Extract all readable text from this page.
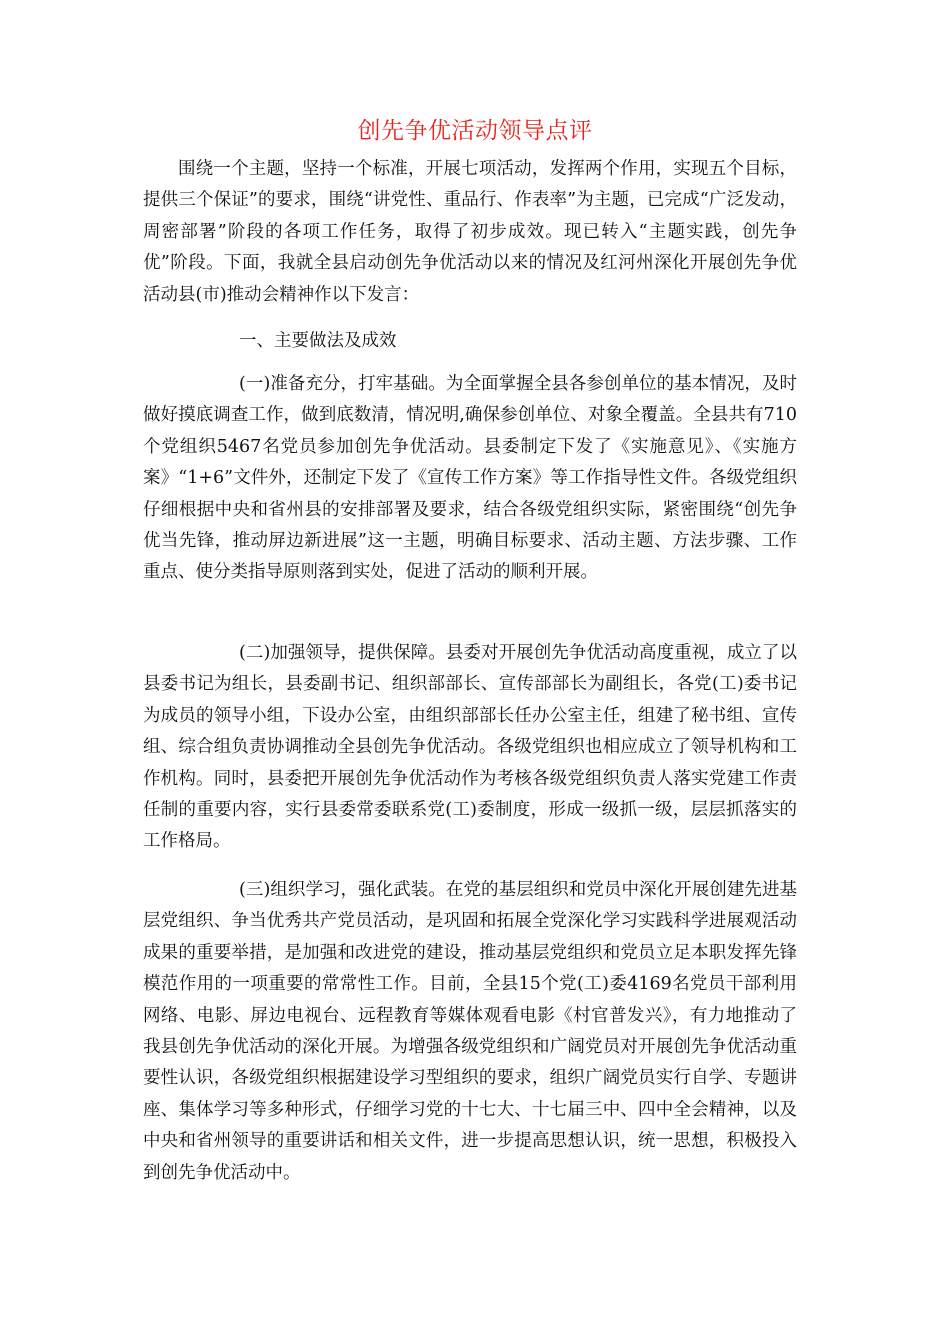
创先争优活动领导点评

围绕一个主题，坚持一个标准，开展七项活动，发挥两个作用，实现五个目标，提供三个保证”的要求，围绕“讲党性、重品行、作表率”为主题，已完成“广泛发动，周密部署”阶段的各项工作任务，取得了初步成效。现已转入“主题实践，创先争优”阶段。下面，我就全县启动创先争优活动以来的情况及红河州深化开展创先争优活动县(市)推动会精神作以下发言：

一、主要做法及成效

(一)准备充分，打牢基础。为全面掌握全县各参创单位的基本情况，及时做好摸底调查工作，做到底数清，情况明,确保参创单位、对象全覆盖。全县共有710 个党组织5467名党员参加创先争优活动。县委制定下发了《实施意见》、《实施方案》“1+6”文件外，还制定下发了《宣传工作方案》等工作指导性文件。各级党组织仔细根据中央和省州县的安排部署及要求，结合各级党组织实际，紧密围绕“创先争优当先锋，推动屏边新进展”这一主题，明确目标要求、活动主题、方法步骤、工作重点、使分类指导原则落到实处，促进了活动的顺利开展。

(二)加强领导，提供保障。县委对开展创先争优活动高度重视，成立了以县委书记为组长，县委副书记、组织部部长、宣传部部长为副组长，各党(工)委书记为成员的领导小组，下设办公室，由组织部部长任办公室主任，组建了秘书组、宣传组、综合组负责协调推动全县创先争优活动。各级党组织也相应成立了领导机构和工作机构。同时，县委把开展创先争优活动作为考核各级党组织负责人落实党建工作责任制的重要内容，实行县委常委联系党(工)委制度，形成一级抓一级，层层抓落实的工作格局。

(三)组织学习，强化武装。在党的基层组织和党员中深化开展创建先进基层党组织、争当优秀共产党员活动，是巩固和拓展全党深化学习实践科学进展观活动成果的重要举措，是加强和改进党的建设，推动基层党组织和党员立足本职发挥先锋模范作用的一项重要的常常性工作。目前，全县15个党(工)委4169名党员干部利用网络、电影、屏边电视台、远程教育等媒体观看电影《村官普发兴》，有力地推动了我县创先争优活动的深化开展。为增强各级党组织和广阔党员对开展创先争优活动重要性认识，各级党组织根据建设学习型组织的要求，组织广阔党员实行自学、专题讲座、集体学习等多种形式，仔细学习党的十七大、十七届三中、四中全会精神，以及中央和省州领导的重要讲话和相关文件，进一步提高思想认识，统一思想，积极投入到创先争优活动中。
